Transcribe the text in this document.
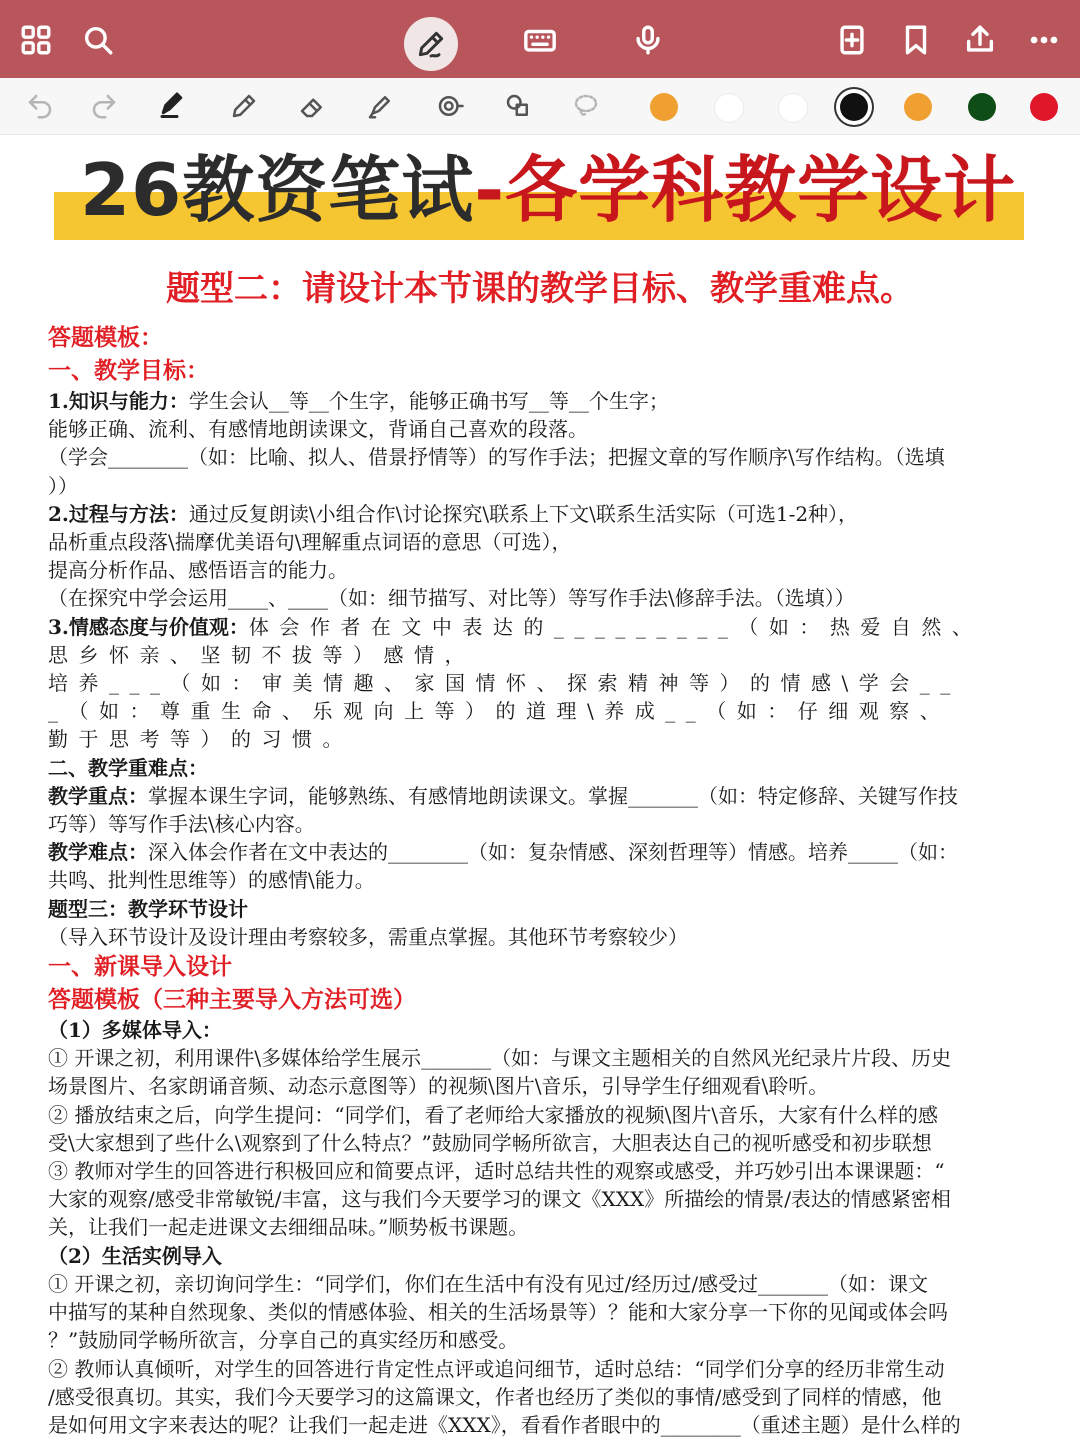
26教资笔试-各学科教学设计
题型二：请设计本节课的教学目标、教学重难点。

答题模板：

一、教学目标：

1.知识与能力：学生会认__等__个生字，能够正确书写__等__个生字；

能够正确、流利、有感情地朗读课文，背诵自己喜欢的段落。

（学会________（如：比喻、拟人、借景抒情等）的写作手法；把握文章的写作顺序\写作结构。（选填

））

2.过程与方法：通过反复朗读\小组合作\讨论探究\联系上下文\联系生活实际（可选1-2种），

品析重点段落\揣摩优美语句\理解重点词语的意思（可选），

提高分析作品、感悟语言的能力。

（在探究中学会运用____、____（如：细节描写、对比等）等写作手法\修辞手法。（选填））

3.情感态度与价值观：体会作者在文中表达的_________（如：热爱自然、

思乡怀亲、坚韧不拔等）感情，

培养___（如：审美情趣、家国情怀、探索精神等）的情感\学会__

_（如：尊重生命、乐观向上等）的道理\养成__（如：仔细观察、

勤于思考等）的习惯。

二、教学重难点：

教学重点：掌握本课生字词，能够熟练、有感情地朗读课文。掌握_______（如：特定修辞、关键写作技

巧等）等写作手法\核心内容。

教学难点：深入体会作者在文中表达的________（如：复杂情感、深刻哲理等）情感。培养_____（如：

共鸣、批判性思维等）的感情\能力。

题型三：教学环节设计

（导入环节设计及设计理由考察较多，需重点掌握。其他环节考察较少）

一、新课导入设计

答题模板（三种主要导入方法可选）

（1）多媒体导入：

① 开课之初，利用课件\多媒体给学生展示_______（如：与课文主题相关的自然风光纪录片片段、历史

场景图片、名家朗诵音频、动态示意图等）的视频\图片\音乐，引导学生仔细观看\聆听。

② 播放结束之后，向学生提问：“同学们，看了老师给大家播放的视频\图片\音乐，大家有什么样的感

受\大家想到了些什么\观察到了什么特点？”鼓励同学畅所欲言，大胆表达自己的视听感受和初步联想

③ 教师对学生的回答进行积极回应和简要点评，适时总结共性的观察或感受，并巧妙引出本课课题：“

大家的观察/感受非常敏锐/丰富，这与我们今天要学习的课文《XXX》所描绘的情景/表达的情感紧密相

关，让我们一起走进课文去细细品味。”顺势板书课题。

（2）生活实例导入

① 开课之初，亲切询问学生：“同学们，你们在生活中有没有见过/经历过/感受过_______（如：课文

中描写的某种自然现象、类似的情感体验、相关的生活场景等）？能和大家分享一下你的见闻或体会吗

？”鼓励同学畅所欲言，分享自己的真实经历和感受。

② 教师认真倾听，对学生的回答进行肯定性点评或追问细节，适时总结：“同学们分享的经历非常生动

/感受很真切。其实，我们今天要学习的这篇课文，作者也经历了类似的事情/感受到了同样的情感，他

是如何用文字来表达的呢？让我们一起走进《XXX》，看看作者眼中的________（重述主题）是什么样的
